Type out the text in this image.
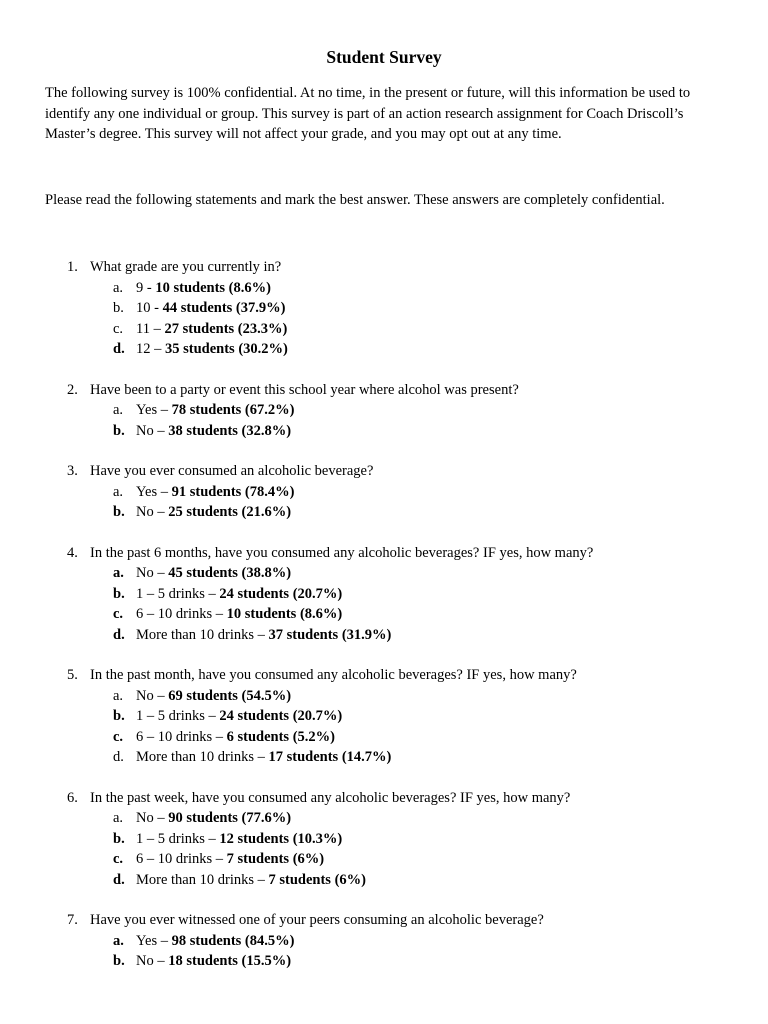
Student Survey

The following survey is 100% confidential. At no time, in the present or future, will this information be used to identify any one individual or group. This survey is part of an action research assignment for Coach Driscoll’s Master’s degree. This survey will not affect your grade, and you may opt out at any time.

Please read the following statements and mark the best answer. These answers are completely confidential.

1. What grade are you currently in?
a. 9 - 10 students (8.6%)
b. 10 - 44 students (37.9%)
c. 11 – 27 students (23.3%)
d. 12 – 35 students (30.2%)
2. Have been to a party or event this school year where alcohol was present?
a. Yes – 78 students (67.2%)
b. No – 38 students (32.8%)
3. Have you ever consumed an alcoholic beverage?
a. Yes – 91 students (78.4%)
b. No – 25 students (21.6%)
4. In the past 6 months, have you consumed any alcoholic beverages? IF yes, how many?
a. No – 45 students (38.8%)
b. 1 – 5 drinks – 24 students (20.7%)
c. 6 – 10 drinks – 10 students (8.6%)
d. More than 10 drinks – 37 students (31.9%)
5. In the past month, have you consumed any alcoholic beverages? IF yes, how many?
a. No – 69 students (54.5%)
b. 1 – 5 drinks – 24 students (20.7%)
c. 6 – 10 drinks – 6 students (5.2%)
d. More than 10 drinks – 17 students (14.7%)
6. In the past week, have you consumed any alcoholic beverages? IF yes, how many?
a. No – 90 students (77.6%)
b. 1 – 5 drinks – 12 students (10.3%)
c. 6 – 10 drinks – 7 students (6%)
d. More than 10 drinks – 7 students (6%)
7. Have you ever witnessed one of your peers consuming an alcoholic beverage?
a. Yes – 98 students (84.5%)
b. No – 18 students (15.5%)
